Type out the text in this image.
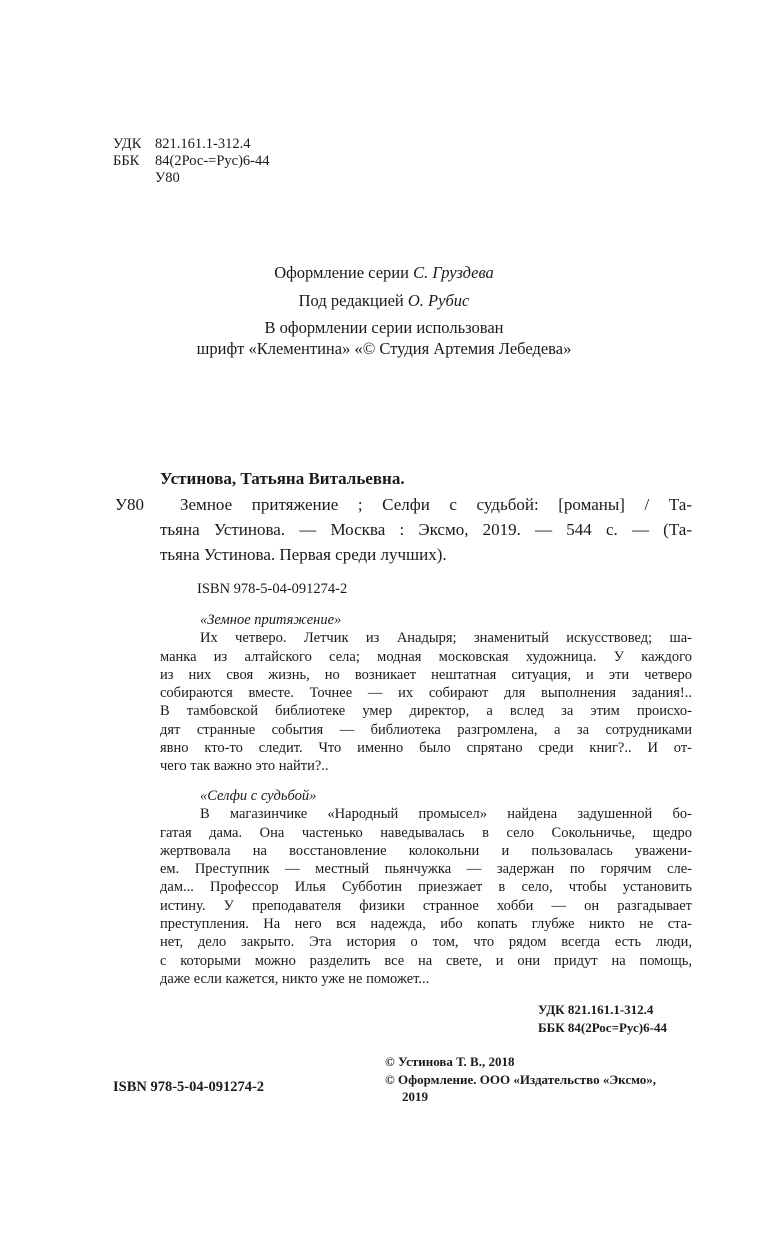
УДК 821.161.1-312.4
ББК 84(2Рос-=Рус)6-44
У80
Оформление серии С. Груздева
Под редакцией О. Рубис
В оформлении серии использован
шрифт «Клементина» «© Студия Артемия Лебедева»
Устинова, Татьяна Витальевна.
У80	Земное притяжение ; Селфи с судьбой: [романы] / Та-
тьяна Устинова. — Москва : Эксмо, 2019. — 544 с. — (Та-
тьяна Устинова. Первая среди лучших).
ISBN 978-5-04-091274-2
«Земное притяжение»
Их четверо. Летчик из Анадыря; знаменитый искусствовед; ша-
манка из алтайского села; модная московская художница. У каждого
из них своя жизнь, но возникает нештатная ситуация, и эти четверо
собираются вместе. Точнее — их собирают для выполнения задания!..
В тамбовской библиотеке умер директор, а вслед за этим происхо-
дят странные события — библиотека разгромлена, а за сотрудниками
явно кто-то следит. Что именно было спрятано среди книг?.. И от-
чего так важно это найти?..
«Селфи с судьбой»
В магазинчике «Народный промысел» найдена задушенной бо-
гатая дама. Она частенько наведывалась в село Сокольничье, щедро
жертвовала на восстановление колокольни и пользовалась уважени-
ем. Преступник — местный пьянчужка — задержан по горячим сле-
дам... Профессор Илья Субботин приезжает в село, чтобы установить
истину. У преподавателя физики странное хобби — он разгадывает
преступления. На него вся надежда, ибо копать глубже никто не ста-
нет, дело закрыто. Эта история о том, что рядом всегда есть люди,
с которыми можно разделить все на свете, и они придут на помощь,
даже если кажется, никто уже не поможет...
УДК 821.161.1-312.4
ББК 84(2Рос=Рус)6-44
© Устинова Т. В., 2018
© Оформление. ООО «Издательство «Эксмо»,
2019
ISBN 978-5-04-091274-2
